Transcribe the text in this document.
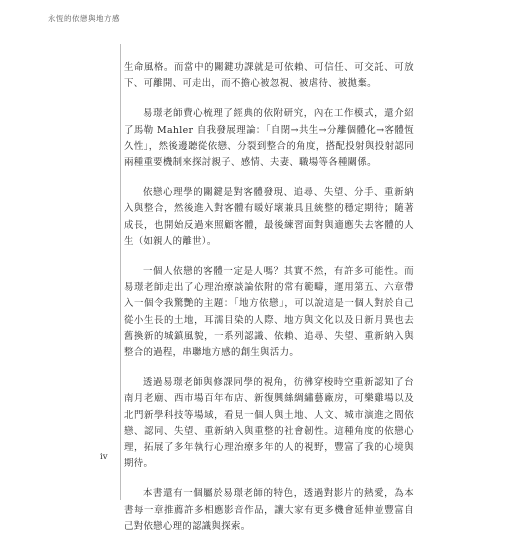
永恆的依戀與地方感

生命風格。而當中的關鍵功課就是可依賴、可信任、可交託、可放下、可離開、可走出，而不擔心被忽視、被虐待、被拋棄。

易璟老師費心梳理了經典的依附研究，內在工作模式，還介紹了馬勒 Mahler 自我發展理論：「自閉→共生→分離個體化→客體恆久性」，然後邊聽從依戀、分裂到整合的角度，搭配投射與投射認同兩種重要機制來探討親子、感情、夫妻、職場等各種關係。

依戀心理學的關鍵是對客體發現、追尋、失望、分手、重新納入與整合，然後進入對客體有暖好壞兼具且統整的穩定期待；隨著成長，也開始反過來照顧客體，最後練習面對與適應失去客體的人生（如親人的離世）。

一個人依戀的客體一定是人嗎？其實不然，有許多可能性。而易璟老師走出了心理治療談論依附的常有範疇，運用第五、六章帶入一個令我驚艷的主題：「地方依戀」，可以說這是一個人對於自己從小生長的土地，耳濡目染的人際、地方與文化以及日新月異也去舊換新的城鎮風貌，一系列認識、依賴、追尋、失望、重新納入與整合的過程，串聯地方感的創生與活力。

透過易璟老師與修課同學的視角，彷彿穿梭時空重新認知了台南月老廟、西市場百年布店、新復興絲綢繡藝廠房，可樂雞場以及北門新學科技等場域，看見一個人與土地、人文、城市演進之間依戀、認同、失望、重新納入與重整的社會韌性。這種角度的依戀心理，拓展了多年執行心理治療多年的人的視野，豐富了我的心境與期待。

本書還有一個屬於易璟老師的特色，透過對影片的熱愛，為本書每一章推薦許多相應影音作品，讓大家有更多機會延伸並豐富自己對依戀心理的認識與探索。

iv
